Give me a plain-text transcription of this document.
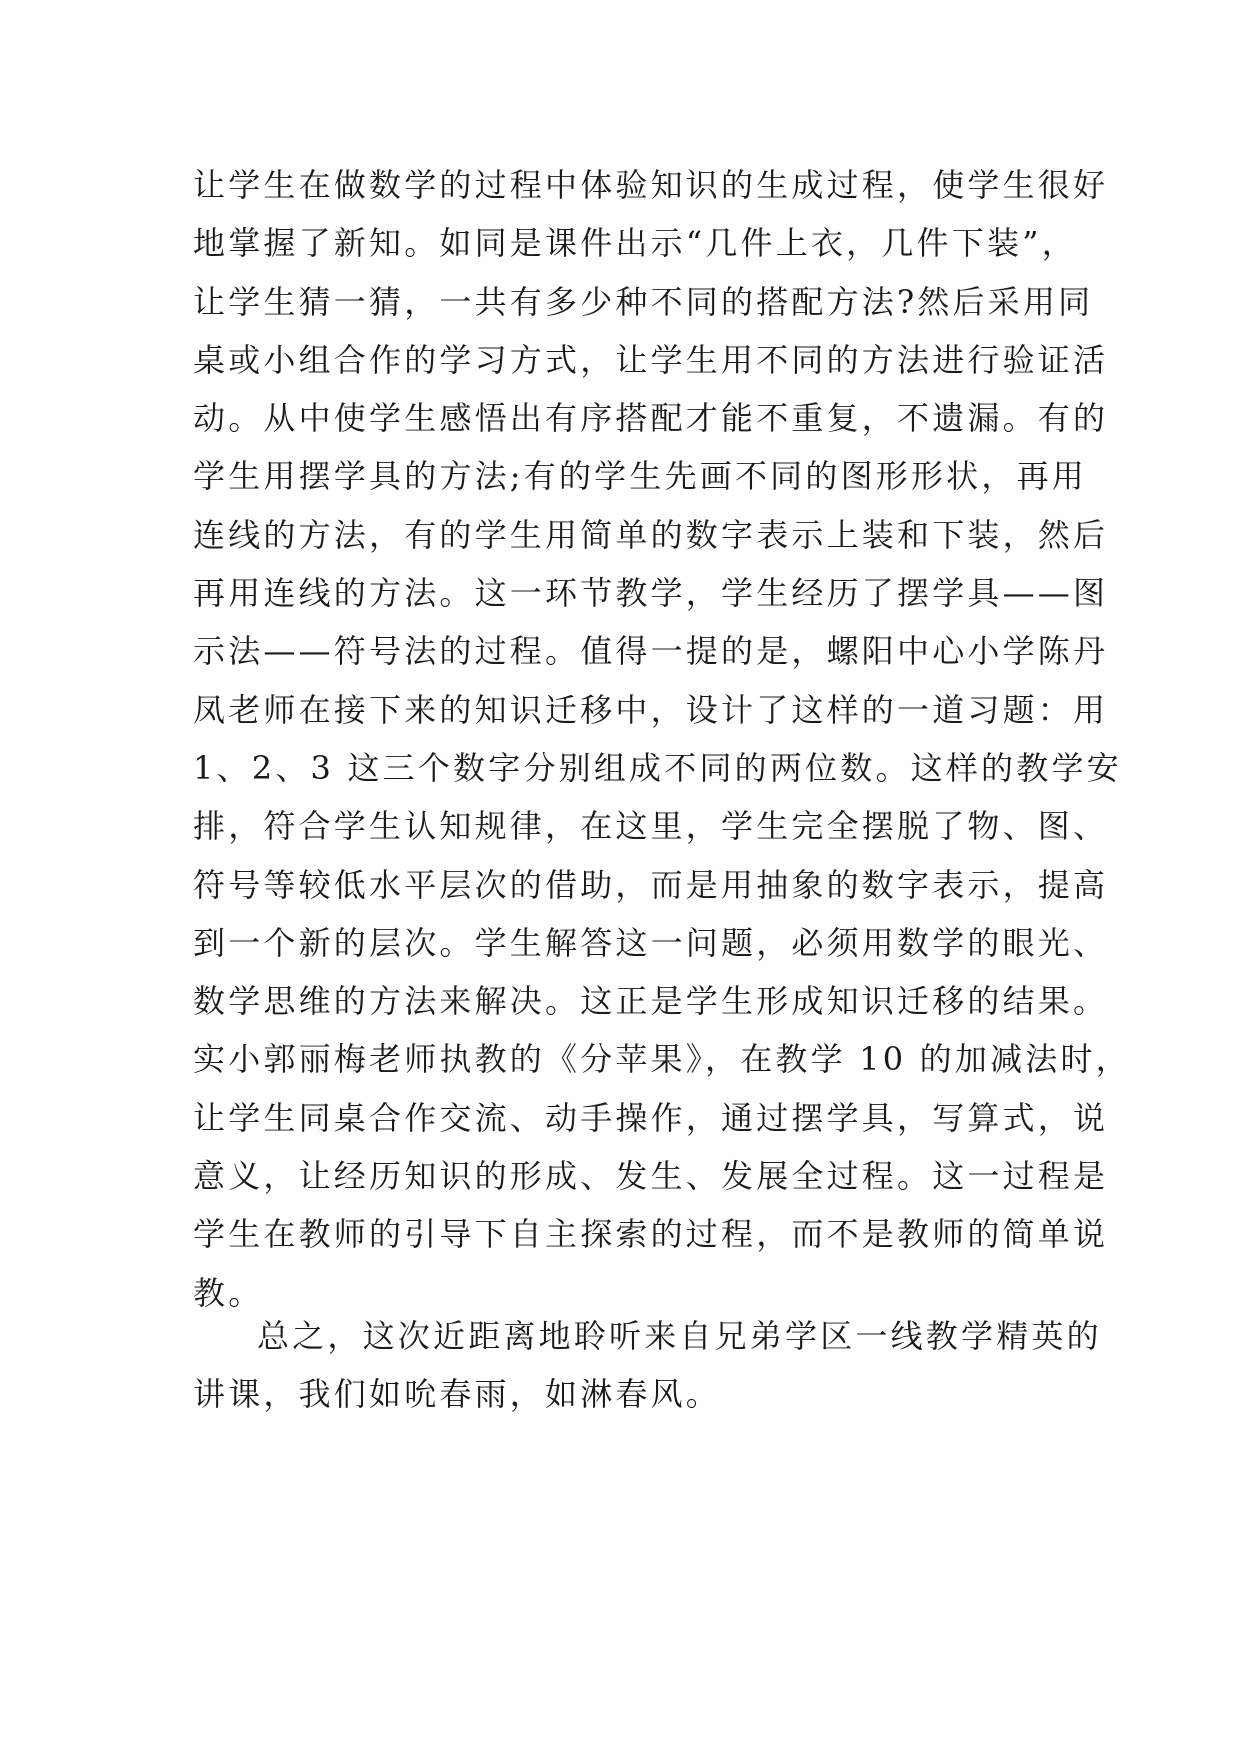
让学生在做数学的过程中体验知识的生成过程，使学生很好
地掌握了新知。如同是课件出示“几件上衣，几件下装”，
让学生猜一猜，一共有多少种不同的搭配方法?然后采用同
桌或小组合作的学习方式，让学生用不同的方法进行验证活
动。从中使学生感悟出有序搭配才能不重复，不遗漏。有的
学生用摆学具的方法;有的学生先画不同的图形形状，再用
连线的方法，有的学生用简单的数字表示上装和下装，然后
再用连线的方法。这一环节教学，学生经历了摆学具——图
示法——符号法的过程。值得一提的是，螺阳中心小学陈丹
凤老师在接下来的知识迁移中，设计了这样的一道习题：用
1、2、3 这三个数字分别组成不同的两位数。这样的教学安
排，符合学生认知规律，在这里，学生完全摆脱了物、图、
符号等较低水平层次的借助，而是用抽象的数字表示，提高
到一个新的层次。学生解答这一问题，必须用数学的眼光、
数学思维的方法来解决。这正是学生形成知识迁移的结果。
实小郭丽梅老师执教的《分苹果》，在教学 10 的加减法时，
让学生同桌合作交流、动手操作，通过摆学具，写算式，说
意义，让经历知识的形成、发生、发展全过程。这一过程是
学生在教师的引导下自主探索的过程，而不是教师的简单说
教。
总之，这次近距离地聆听来自兄弟学区一线教学精英的
讲课，我们如吮春雨，如淋春风。
